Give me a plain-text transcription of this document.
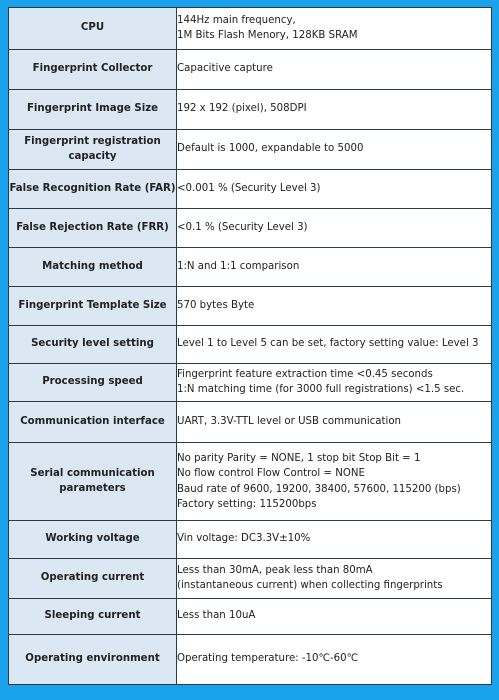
CPU	144Hz main frequency,
1M Bits Flash Menory, 128KB SRAM

Fingerprint Collector	Capacitive capture

Fingerprint Image Size	192 x 192 (pixel), 508DPI

Fingerprint registration capacity	Default is 1000, expandable to 5000

False Recognition Rate (FAR)	<0.001 % (Security Level 3)

False Rejection Rate (FRR)	<0.1 % (Security Level 3)

Matching method	1:N and 1:1 comparison

Fingerprint Template Size	570 bytes Byte

Security level setting	Level 1 to Level 5 can be set, factory setting value: Level 3

Processing speed	Fingerprint feature extraction time <0.45 seconds
1:N matching time (for 3000 full registrations) <1.5 sec.

Communication interface	UART, 3.3V-TTL level or USB communication

Serial communication parameters	No parity Parity = NONE, 1 stop bit Stop Bit = 1
No flow control Flow Control = NONE
Baud rate of 9600, 19200, 38400, 57600, 115200 (bps)
Factory setting: 115200bps

Working voltage	Vin voltage: DC3.3V±10%

Operating current	Less than 30mA, peak less than 80mA
(instantaneous current) when collecting fingerprints

Sleeping current	Less than 10uA

Operating environment	Operating temperature: -10℃-60℃
